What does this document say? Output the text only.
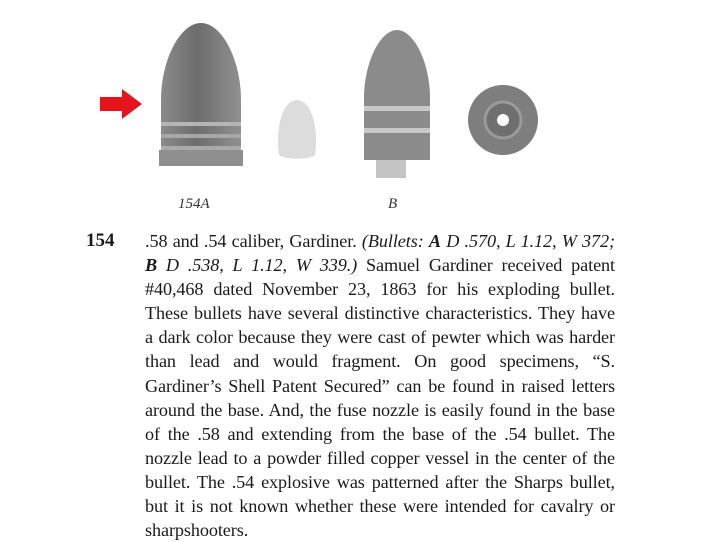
154A	B
154 .58 and .54 caliber, Gardiner. (Bullets: A D .570, L 1.12, W 372; B D .538, L 1.12, W 339.) Samuel Gardiner received patent #40,468 dated November 23, 1863 for his exploding bullet. These bullets have several distinctive characteristics. They have a dark color because they were cast of pewter which was harder than lead and would fragment. On good specimens, “S. Gardiner’s Shell Patent Secured” can be found in raised letters around the base. And, the fuse nozzle is easily found in the base of the .58 and extending from the base of the .54 bullet. The nozzle lead to a powder filled copper vessel in the center of the bullet. The .54 explosive was patterned after the Sharps bullet, but it is not known whether these were intended for cavalry or sharpshooters.
